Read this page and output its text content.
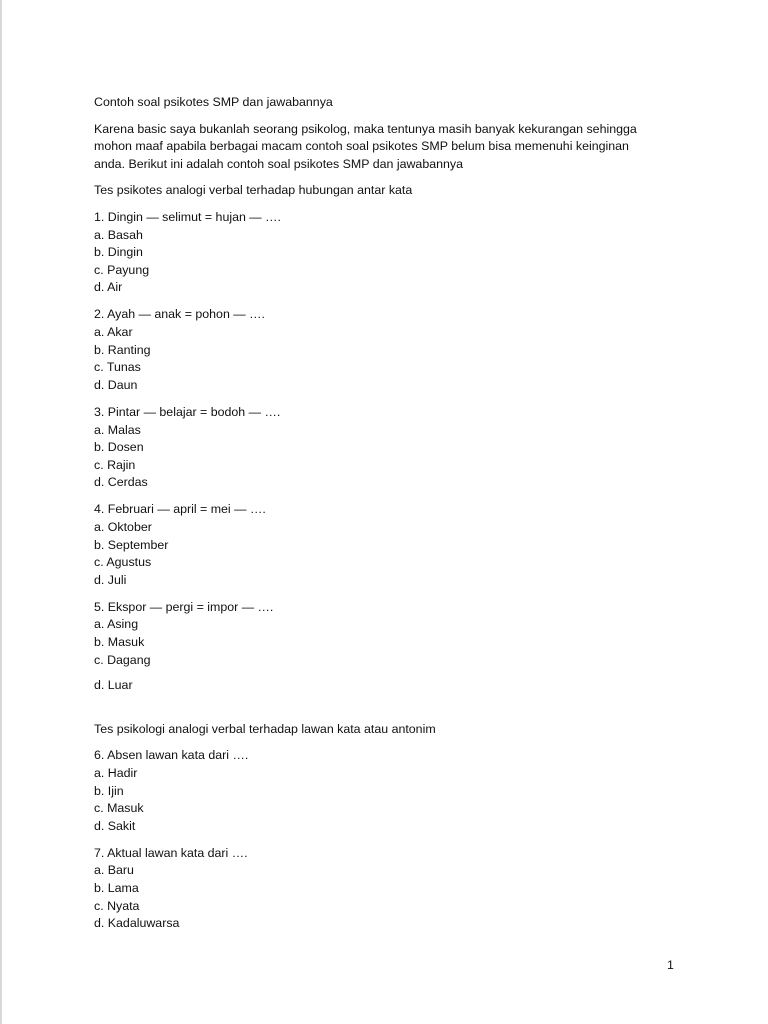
Contoh soal psikotes SMP dan jawabannya
Karena basic saya bukanlah seorang psikolog, maka tentunya masih banyak kekurangan sehingga
mohon maaf apabila berbagai macam contoh soal psikotes SMP belum bisa memenuhi keinginan
anda. Berikut ini adalah contoh soal psikotes SMP dan jawabannya
Tes psikotes analogi verbal terhadap hubungan antar kata
1. Dingin — selimut = hujan — ….
a. Basah
b. Dingin
c. Payung
d. Air
2. Ayah — anak = pohon — ….
a. Akar
b. Ranting
c. Tunas
d. Daun
3. Pintar — belajar = bodoh — ….
a. Malas
b. Dosen
c. Rajin
d. Cerdas
4. Februari — april = mei — ….
a. Oktober
b. September
c. Agustus
d. Juli
5. Ekspor — pergi = impor — ….
a. Asing
b. Masuk
c. Dagang
d. Luar
Tes psikologi analogi verbal terhadap lawan kata atau antonim
6. Absen lawan kata dari ….
a. Hadir
b. Ijin
c. Masuk
d. Sakit
7. Aktual lawan kata dari ….
a. Baru
b. Lama
c. Nyata
d. Kadaluwarsa
1
